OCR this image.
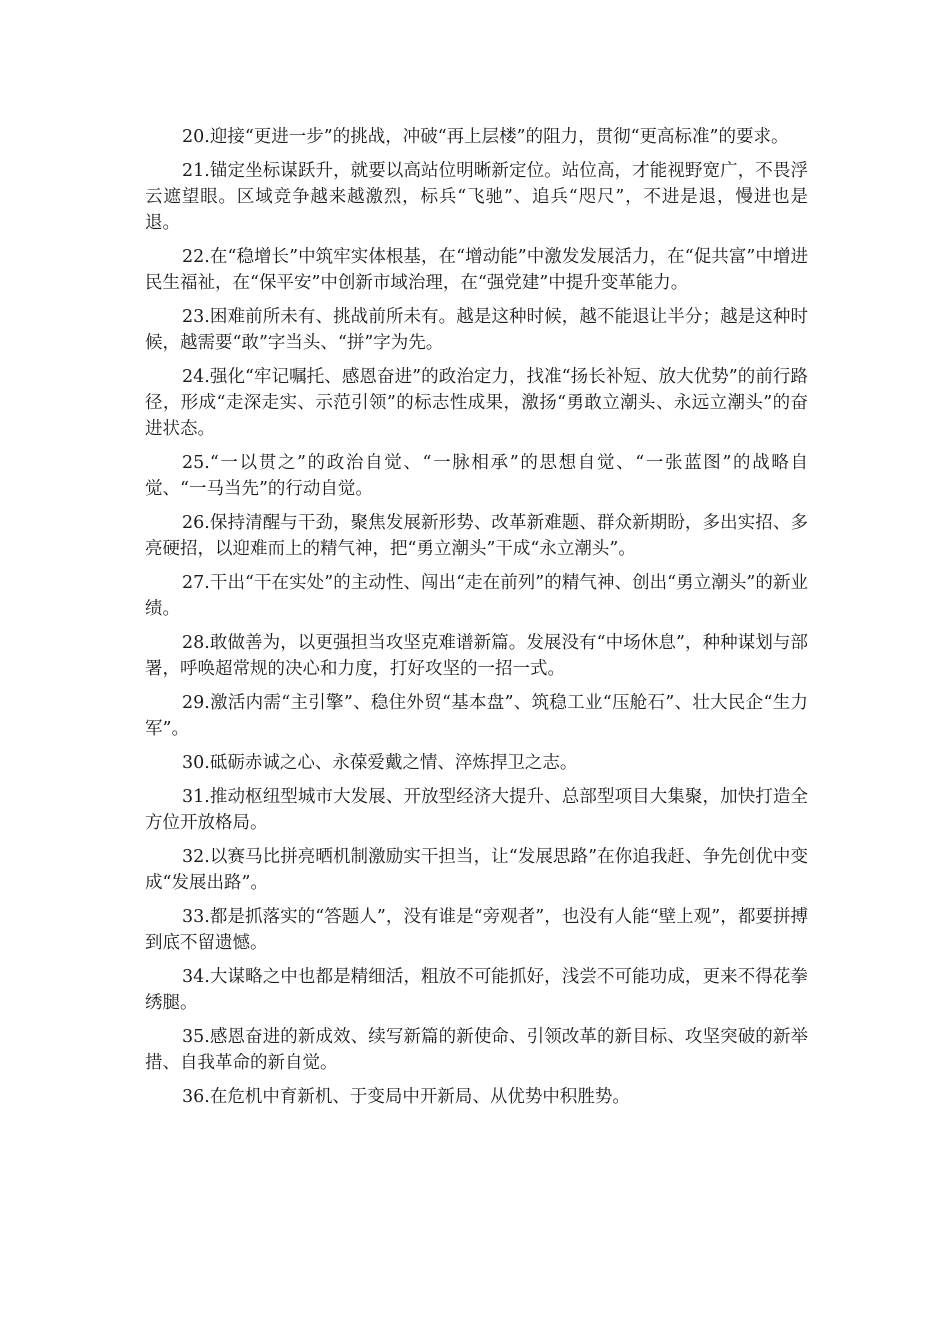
20.迎接“更进一步”的挑战，冲破“再上层楼”的阻力，贯彻“更高标准”的要求。

21.锚定坐标谋跃升，就要以高站位明晰新定位。站位高，才能视野宽广，不畏浮云遮望眼。区域竞争越来越激烈，标兵“飞驰”、追兵“咫尺”，不进是退，慢进也是退。

22.在“稳增长”中筑牢实体根基，在“增动能”中激发发展活力，在“促共富”中增进民生福祉，在“保平安”中创新市域治理，在“强党建”中提升变革能力。

23.困难前所未有、挑战前所未有。越是这种时候，越不能退让半分；越是这种时候，越需要“敢”字当头、“拼”字为先。

24.强化“牢记嘱托、感恩奋进”的政治定力，找准“扬长补短、放大优势”的前行路径，形成“走深走实、示范引领”的标志性成果，激扬“勇敢立潮头、永远立潮头”的奋进状态。

25.“一以贯之”的政治自觉、“一脉相承”的思想自觉、“一张蓝图”的战略自觉、“一马当先”的行动自觉。

26.保持清醒与干劲，聚焦发展新形势、改革新难题、群众新期盼，多出实招、多亮硬招，以迎难而上的精气神，把“勇立潮头”干成“永立潮头”。

27.干出“干在实处”的主动性、闯出“走在前列”的精气神、创出“勇立潮头”的新业绩。

28.敢做善为，以更强担当攻坚克难谱新篇。发展没有“中场休息”，种种谋划与部署，呼唤超常规的决心和力度，打好攻坚的一招一式。

29.激活内需“主引擎”、稳住外贸“基本盘”、筑稳工业“压舱石”、壮大民企“生力军”。

30.砥砺赤诚之心、永葆爱戴之情、淬炼捍卫之志。

31.推动枢纽型城市大发展、开放型经济大提升、总部型项目大集聚，加快打造全方位开放格局。

32.以赛马比拼亮晒机制激励实干担当，让“发展思路”在你追我赶、争先创优中变成“发展出路”。

33.都是抓落实的“答题人”，没有谁是“旁观者”，也没有人能“壁上观”，都要拼搏到底不留遗憾。

34.大谋略之中也都是精细活，粗放不可能抓好，浅尝不可能功成，更来不得花拳绣腿。

35.感恩奋进的新成效、续写新篇的新使命、引领改革的新目标、攻坚突破的新举措、自我革命的新自觉。

36.在危机中育新机、于变局中开新局、从优势中积胜势。
